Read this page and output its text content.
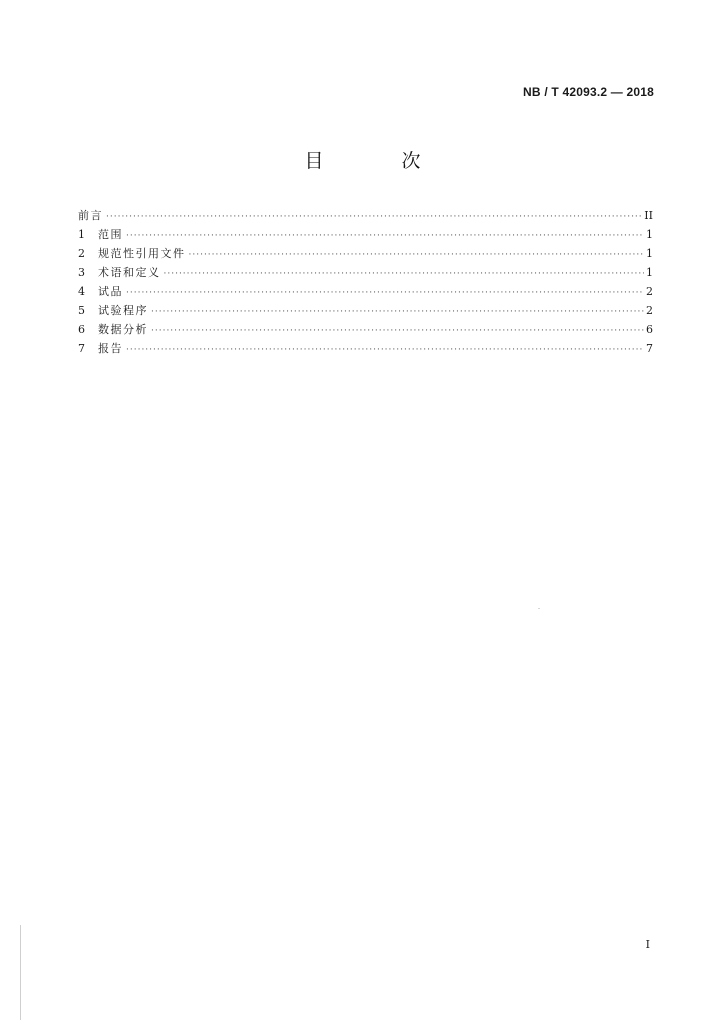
NB / T 42093.2 — 2018
目 次
前言 ·····	II
1	范围 ·····	1
2	规范性引用文件 ·····	1
3	术语和定义 ·····	1
4	试品 ·····	2
5	试验程序 ·····	2
6	数据分析 ·····	6
7	报告 ·····	7
I
